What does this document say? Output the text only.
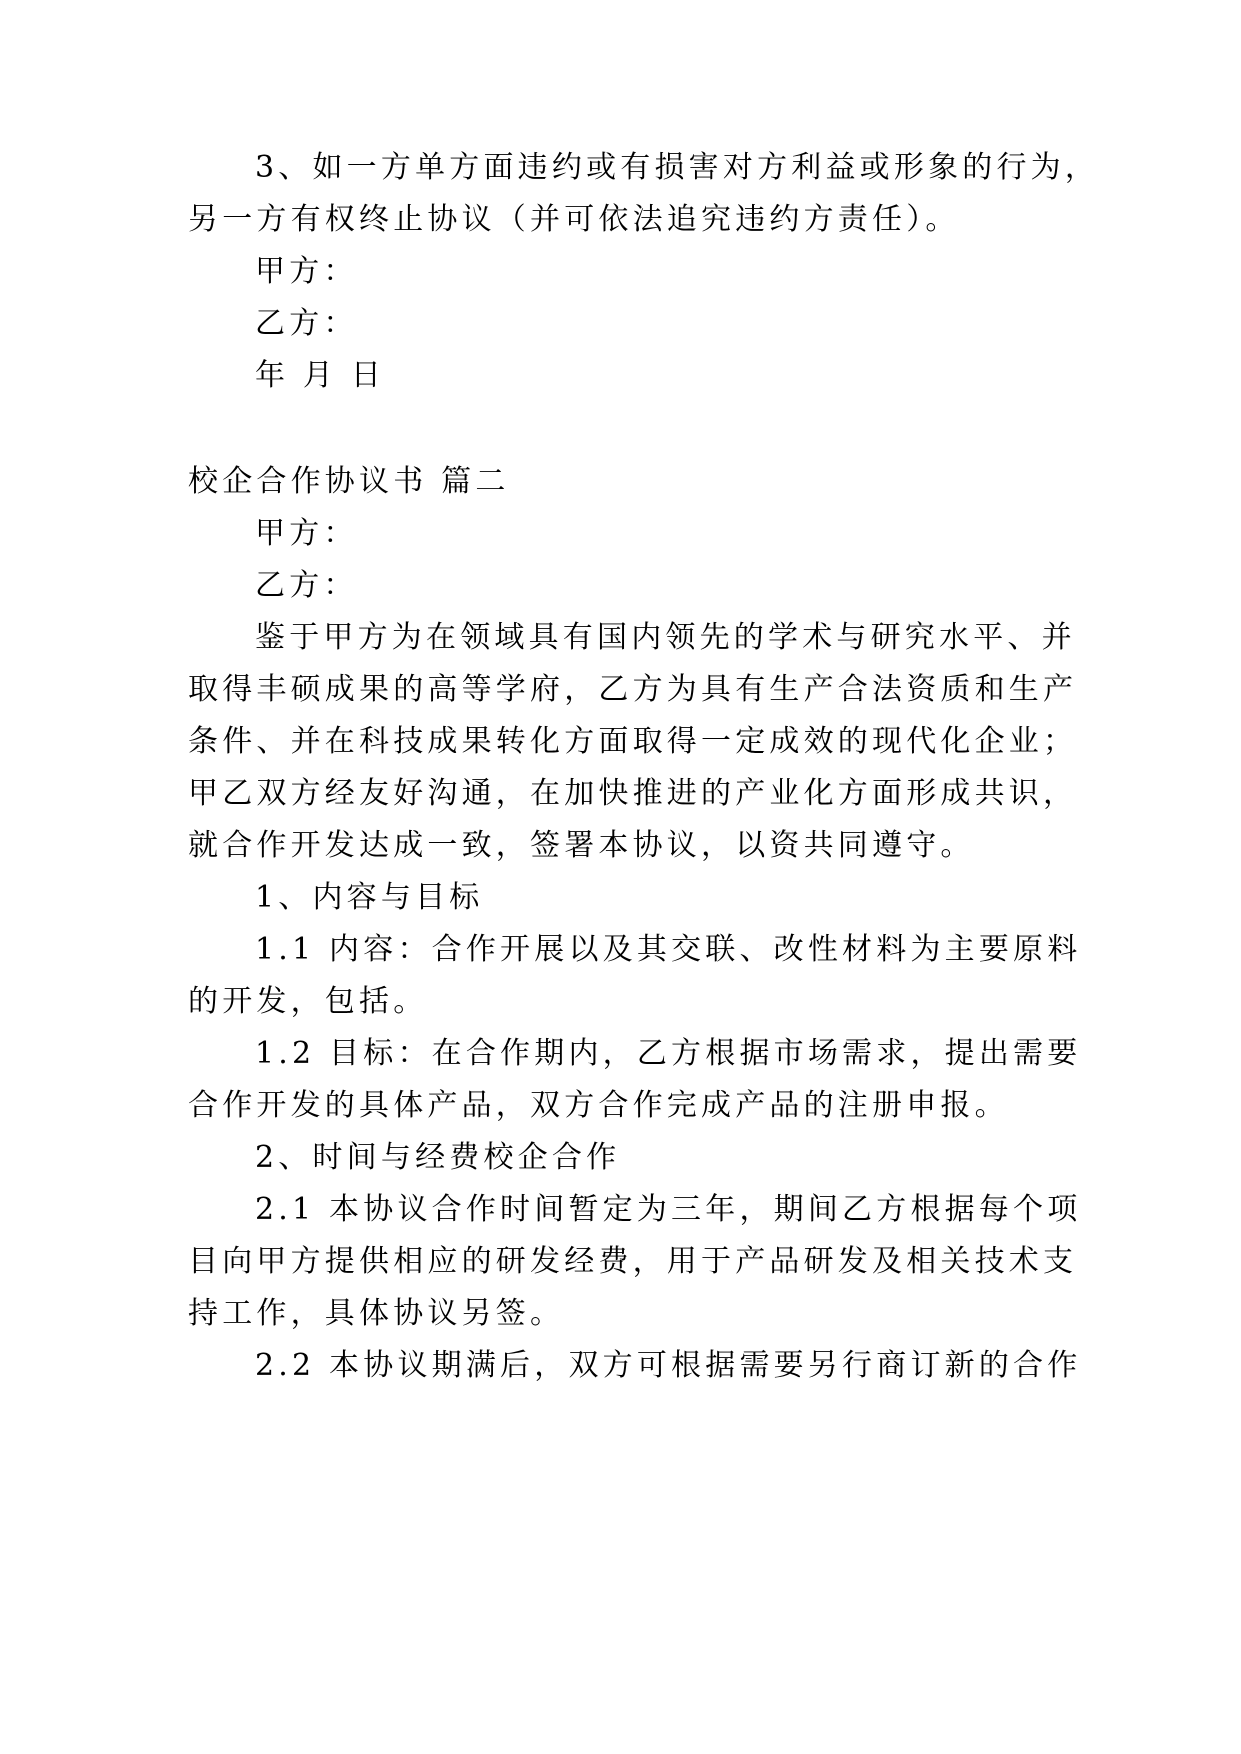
3、如一方单方面违约或有损害对方利益或形象的行为，
另一方有权终止协议（并可依法追究违约方责任）。
甲方：
乙方：
年 月 日
校企合作协议书 篇二
甲方：
乙方：
鉴于甲方为在领域具有国内领先的学术与研究水平、并
取得丰硕成果的高等学府，乙方为具有生产合法资质和生产
条件、并在科技成果转化方面取得一定成效的现代化企业；
甲乙双方经友好沟通，在加快推进的产业化方面形成共识，
就合作开发达成一致，签署本协议，以资共同遵守。
1、内容与目标
1.1 内容：合作开展以及其交联、改性材料为主要原料
的开发，包括。
1.2 目标：在合作期内，乙方根据市场需求，提出需要
合作开发的具体产品，双方合作完成产品的注册申报。
2、时间与经费校企合作
2.1 本协议合作时间暂定为三年，期间乙方根据每个项
目向甲方提供相应的研发经费，用于产品研发及相关技术支
持工作，具体协议另签。
2.2 本协议期满后，双方可根据需要另行商订新的合作
